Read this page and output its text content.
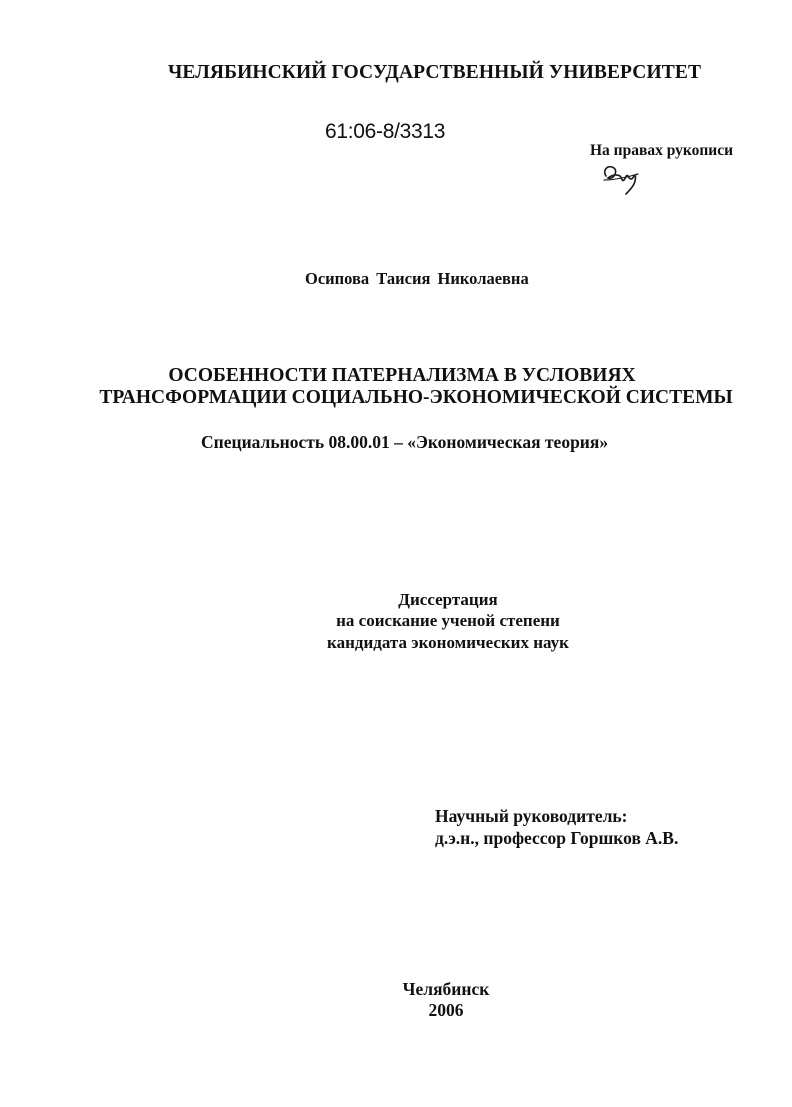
ЧЕЛЯБИНСКИЙ ГОСУДАРСТВЕННЫЙ УНИВЕРСИТЕТ
61:06-8/3313
На правах рукописи
Осипова Таисия Николаевна
ОСОБЕННОСТИ ПАТЕРНАЛИЗМА В УСЛОВИЯХ
ТРАНСФОРМАЦИИ СОЦИАЛЬНО-ЭКОНОМИЧЕСКОЙ СИСТЕМЫ
Специальность 08.00.01 – «Экономическая теория»
Диссертация
на соискание ученой степени
кандидата экономических наук
Научный руководитель:
д.э.н., профессор Горшков А.В.
Челябинск
2006
